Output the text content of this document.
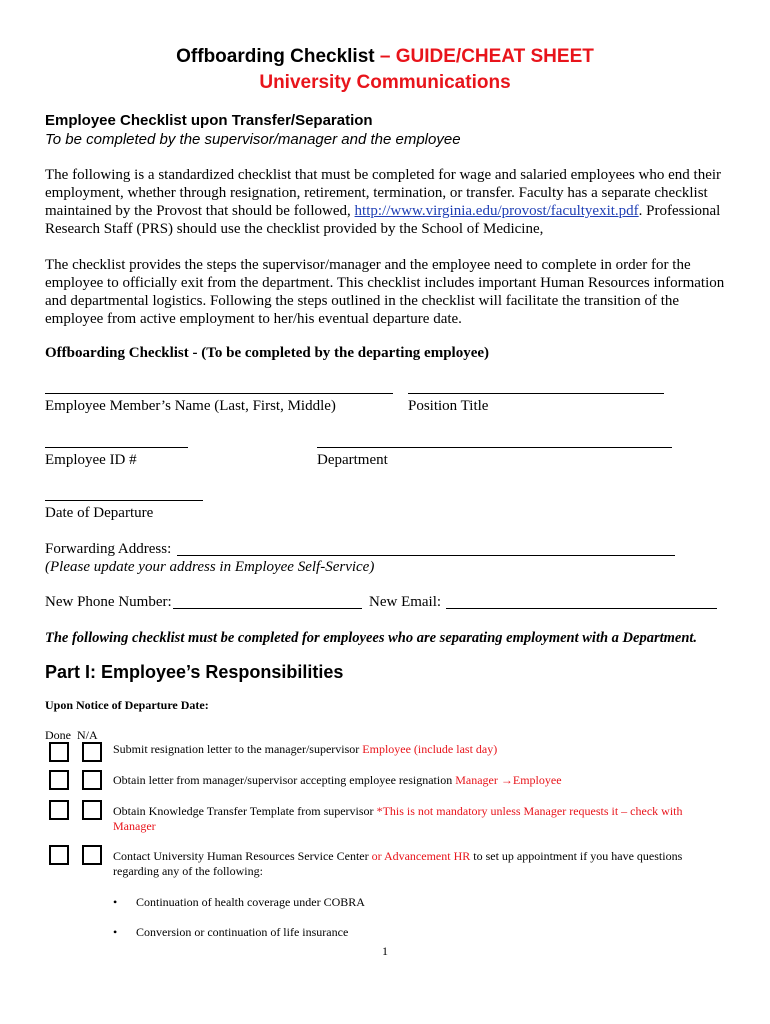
Offboarding Checklist – GUIDE/CHEAT SHEET
University Communications
Employee Checklist upon Transfer/Separation
To be completed by the supervisor/manager and the employee
The following is a standardized checklist that must be completed for wage and salaried employees who end their employment, whether through resignation, retirement, termination, or transfer. Faculty has a separate checklist maintained by the Provost that should be followed, http://www.virginia.edu/provost/facultyexit.pdf. Professional Research Staff (PRS) should use the checklist provided by the School of Medicine,
The checklist provides the steps the supervisor/manager and the employee need to complete in order for the employee to officially exit from the department. This checklist includes important Human Resources information and departmental logistics. Following the steps outlined in the checklist will facilitate the transition of the employee from active employment to her/his eventual departure date.
Offboarding Checklist - (To be completed by the departing employee)
Employee Member’s Name (Last, First, Middle)	Position Title
Employee ID #	Department
Date of Departure
Forwarding Address:
(Please update your address in Employee Self-Service)
New Phone Number:	New Email:
The following checklist must be completed for employees who are separating employment with a Department.
Part I: Employee’s Responsibilities
Upon Notice of Departure Date:
Done N/A
Submit resignation letter to the manager/supervisor Employee (include last day)
Obtain letter from manager/supervisor accepting employee resignation Manager →Employee
Obtain Knowledge Transfer Template from supervisor *This is not mandatory unless Manager requests it – check with Manager
Contact University Human Resources Service Center or Advancement HR to set up appointment if you have questions regarding any of the following:
• Continuation of health coverage under COBRA
• Conversion or continuation of life insurance
1
